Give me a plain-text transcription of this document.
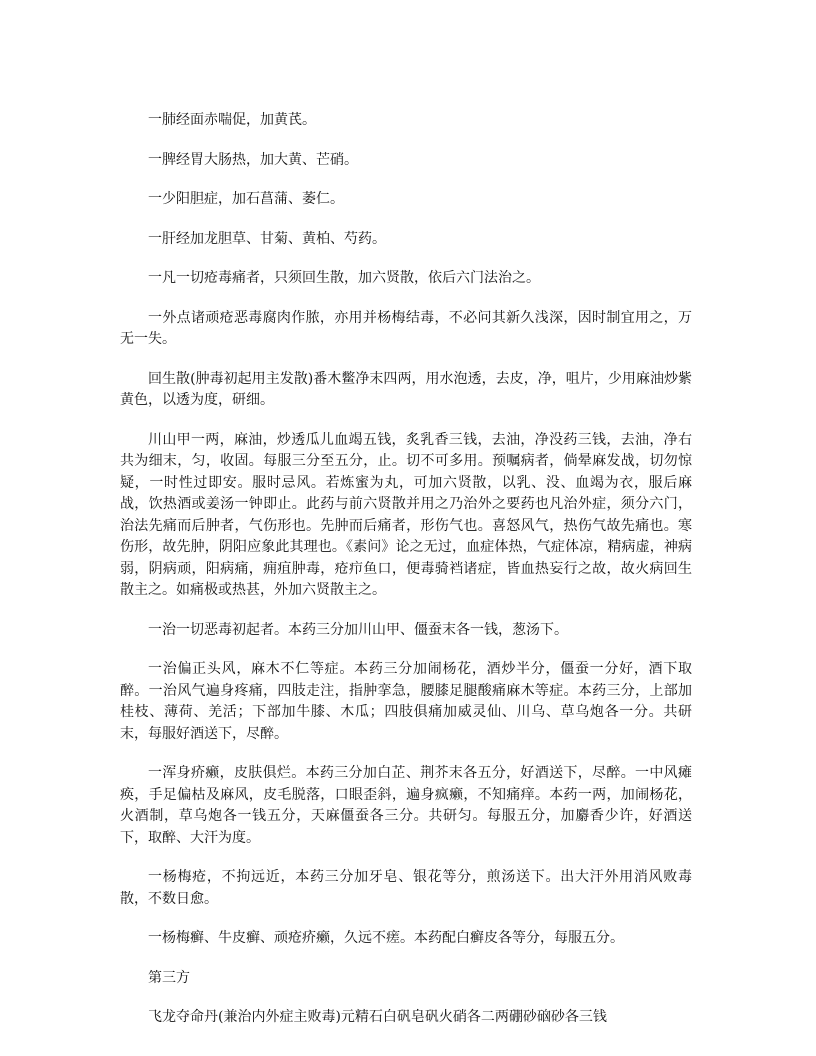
一肺经面赤喘促，加黄芪。

一脾经胃大肠热，加大黄、芒硝。

一少阳胆症，加石菖蒲、萎仁。

一肝经加龙胆草、甘菊、黄柏、芍药。

一凡一切疮毒痛者，只须回生散，加六贤散，依后六门法治之。

一外点诸顽疮恶毒腐肉作脓，亦用并杨梅结毒，不必问其新久浅深，因时制宜用之，万无一失。

回生散(肿毒初起用主发散)番木鳖净末四两，用水泡透，去皮，净，咀片，少用麻油炒紫黄色，以透为度，研细。

川山甲一两，麻油，炒透瓜儿血竭五钱，炙乳香三钱，去油，净没药三钱，去油，净右共为细末，匀，收固。每服三分至五分，止。切不可多用。预嘱病者，倘晕麻发战，切勿惊疑，一时性过即安。服时忌风。若炼蜜为丸，可加六贤散，以乳、没、血竭为衣，服后麻战，饮热酒或姜汤一钟即止。此药与前六贤散并用之乃治外之要药也凡治外症，须分六门，治法先痛而后肿者，气伤形也。先肿而后痛者，形伤气也。喜怒风气，热伤气故先痛也。寒伤形，故先肿，阴阳应象此其理也。《素问》论之无过，血症体热，气症体凉，精病虚，神病弱，阴病顽，阳病痛，痈疽肿毒，疮疖鱼口，便毒骑裆诸症，皆血热妄行之故，故火病回生散主之。如痛极或热甚，外加六贤散主之。

一治一切恶毒初起者。本药三分加川山甲、僵蚕末各一钱，葱汤下。

一治偏正头风，麻木不仁等症。本药三分加闹杨花，酒炒半分，僵蚕一分好，酒下取醉。一治风气遍身疼痛，四肢走注，指肿挛急，腰膝足腿酸痛麻木等症。本药三分，上部加桂枝、薄荷、羌活；下部加牛膝、木瓜；四肢俱痛加威灵仙、川乌、草乌炮各一分。共研末，每服好酒送下，尽醉。

一浑身疥癞，皮肤俱烂。本药三分加白芷、荆芥末各五分，好酒送下，尽醉。一中风瘫痪，手足偏枯及麻风，皮毛脱落，口眼歪斜，遍身疯癞，不知痛痒。本药一两，加闹杨花，火酒制，草乌炮各一钱五分，天麻僵蚕各三分。共研匀。每服五分，加麝香少许，好酒送下，取醉、大汗为度。

一杨梅疮，不拘远近，本药三分加牙皂、银花等分，煎汤送下。出大汗外用消风败毒散，不数日愈。

一杨梅癣、牛皮癣、顽疮疥癞，久远不瘥。本药配白癣皮各等分，每服五分。

第三方

飞龙夺命丹(兼治内外症主败毒)元精石白矾皂矾火硝各二两硼砂硇砂各三钱
